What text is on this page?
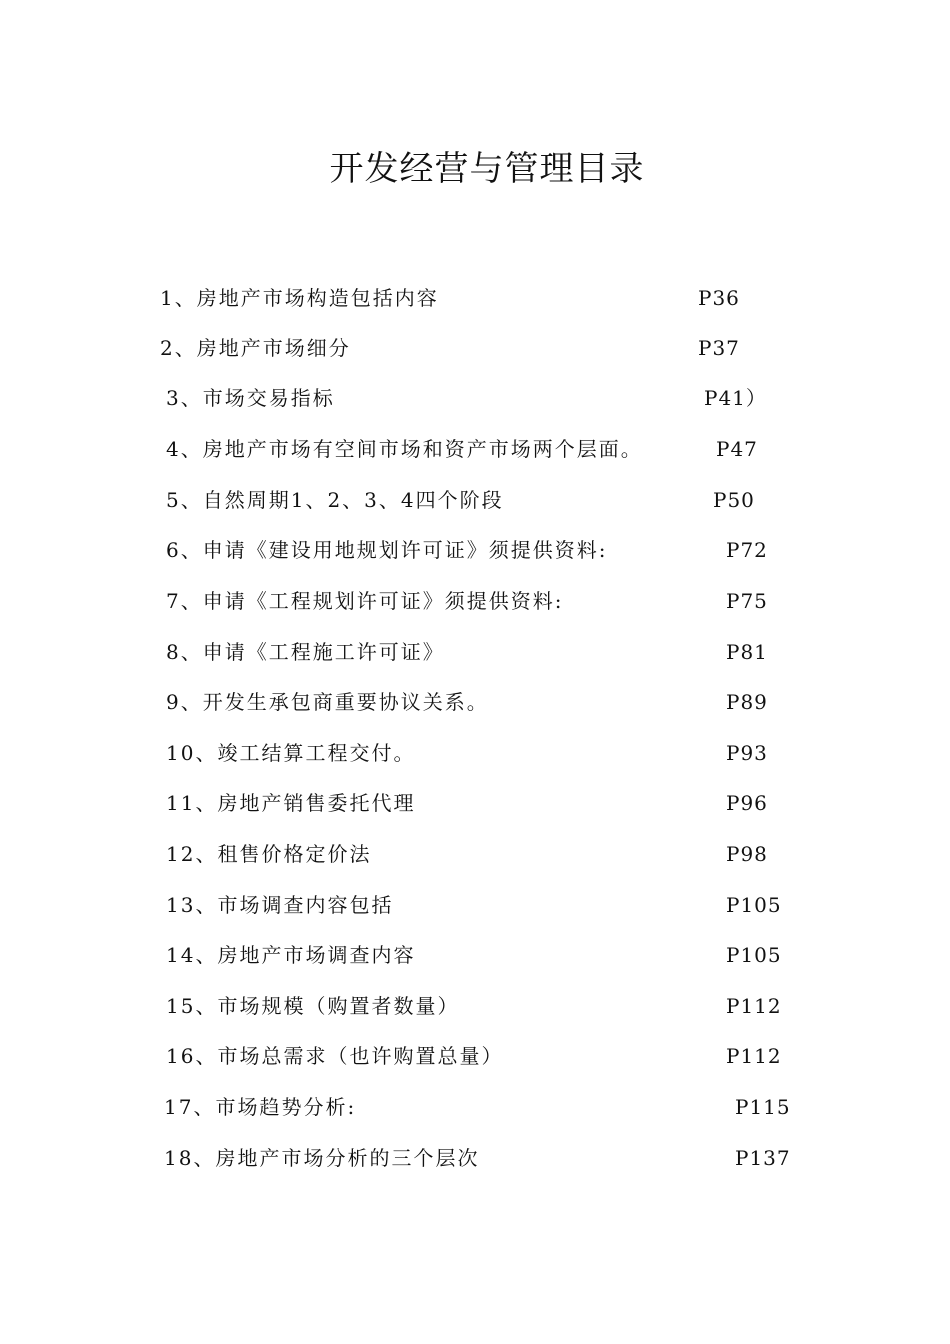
开发经营与管理目录
1、房地产市场构造包括内容	P36
2、房地产市场细分	P37
3、市场交易指标	P41）
4、房地产市场有空间市场和资产市场两个层面。	P47
5、自然周期1、2、3、4四个阶段	P50
6、申请《建设用地规划许可证》须提供资料:	P72
7、申请《工程规划许可证》须提供资料:	P75
8、申请《工程施工许可证》	P81
9、开发生承包商重要协议关系。	P89
10、竣工结算工程交付。	P93
11、房地产销售委托代理	P96
12、租售价格定价法	P98
13、市场调查内容包括	P105
14、房地产市场调查内容	P105
15、市场规模（购置者数量）	P112
16、市场总需求（也许购置总量）	P112
17、市场趋势分析:	P115
18、房地产市场分析的三个层次	P137
